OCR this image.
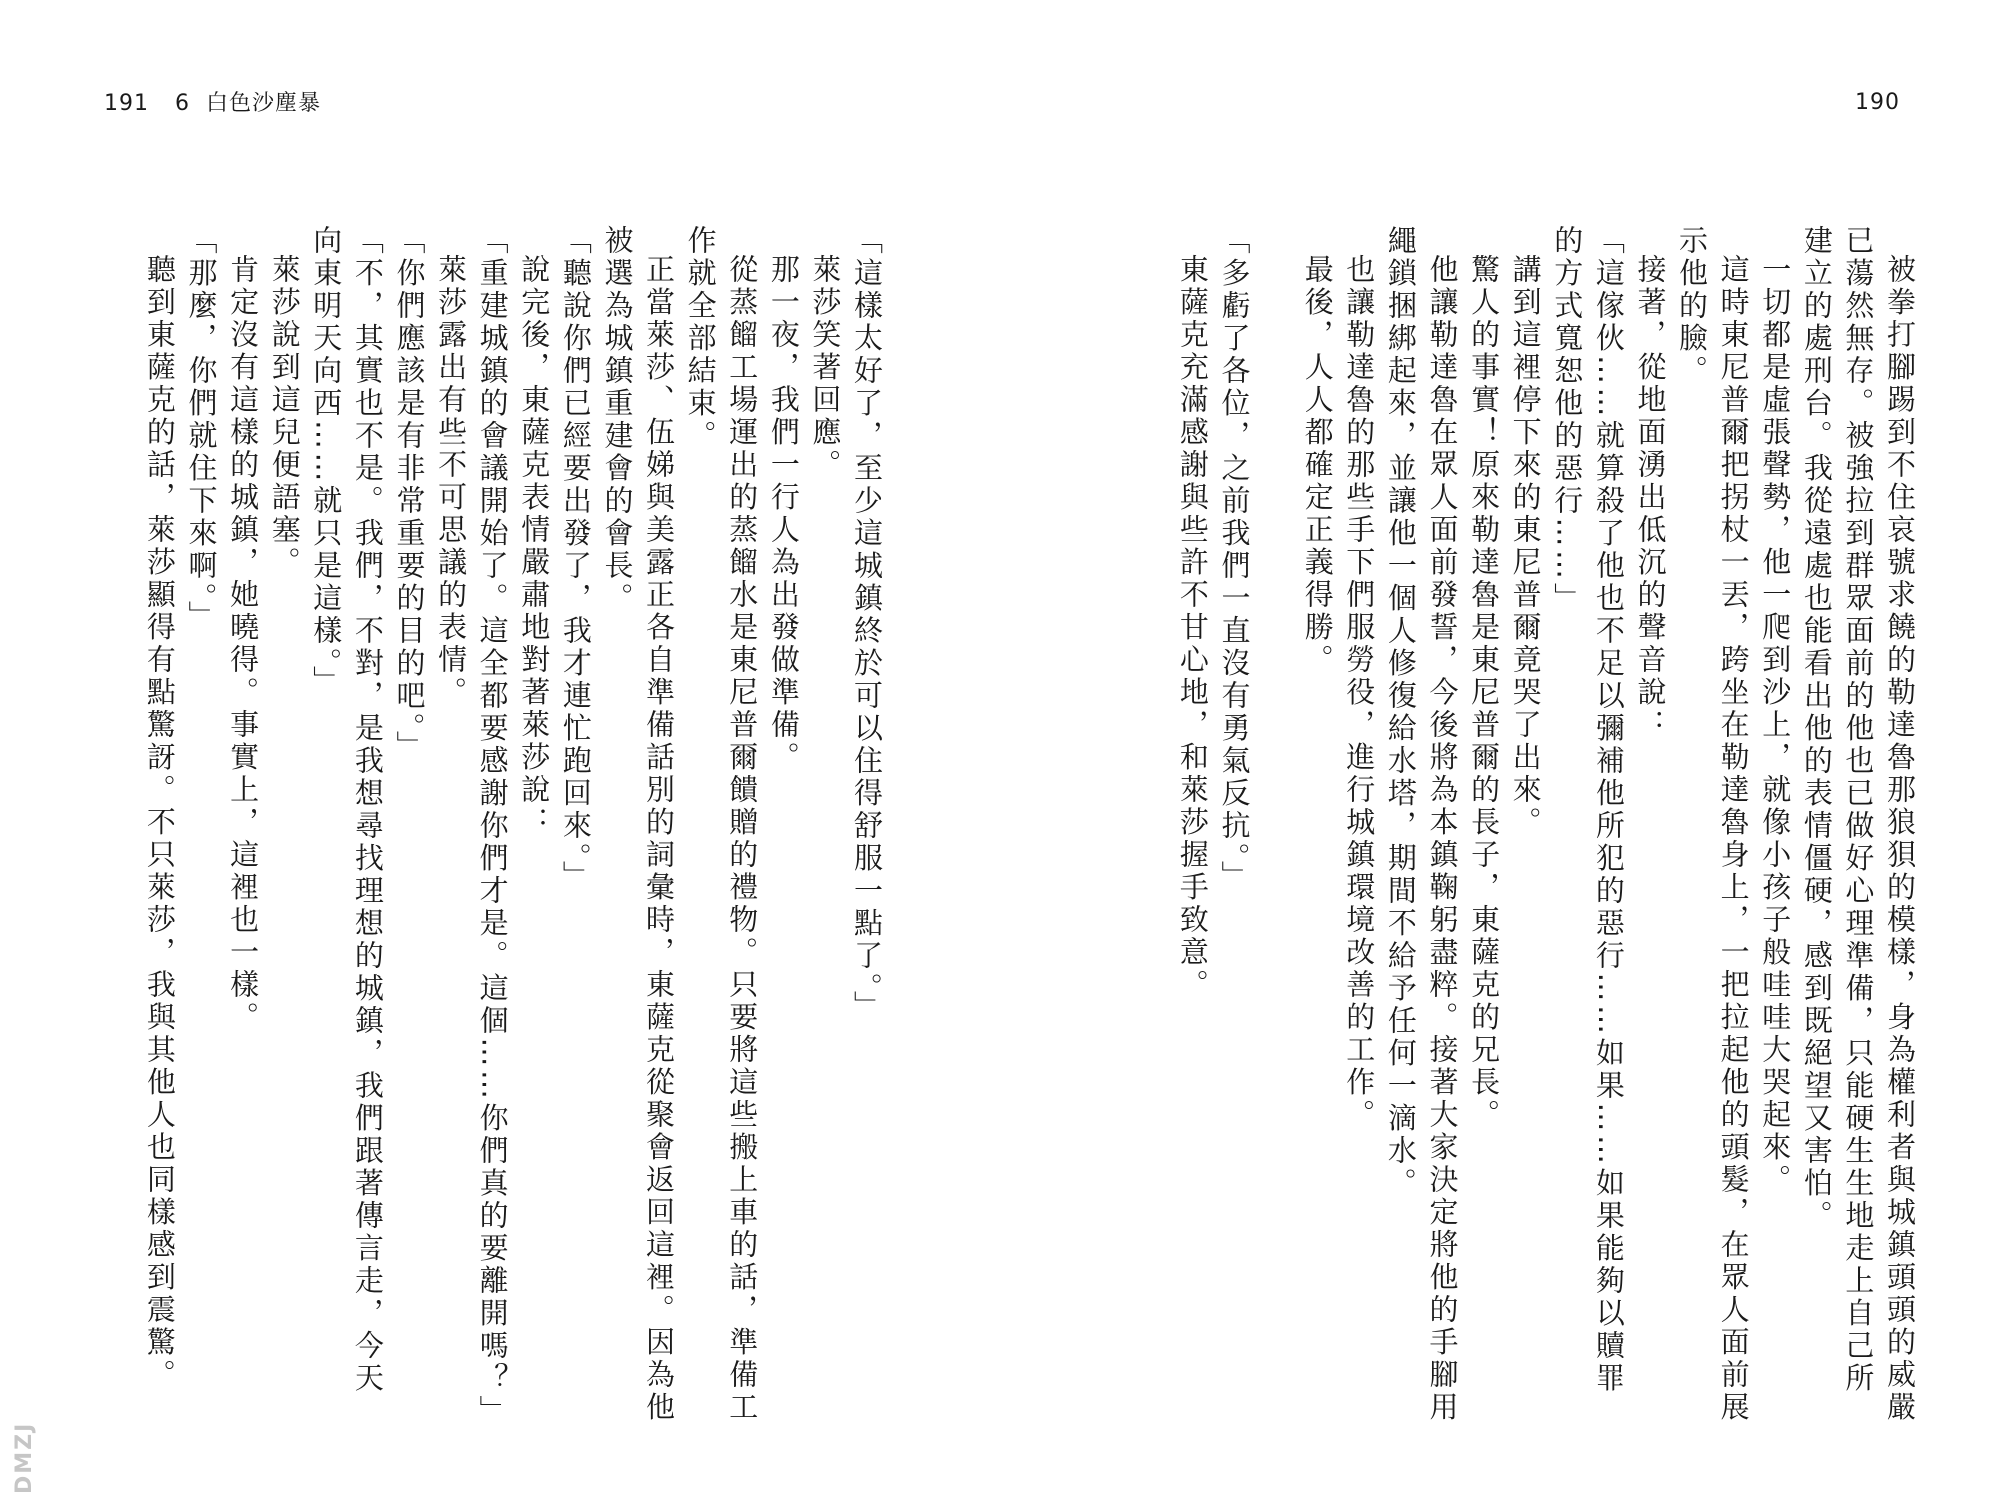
191 6 白色沙塵暴	190

被拳打腳踢到不住哀號求饒的勒達魯那狼狽的模樣，身為權利者與城鎮頭頭的威嚴已蕩然無存。被強拉到群眾面前的他也已做好心理準備，只能硬生生地走上自己所建立的處刑台。我從遠處也能看出他的表情僵硬，感到既絕望又害怕。

一切都是虛張聲勢，他一爬到沙上，就像小孩子般哇哇大哭起來。

這時東尼普爾把拐杖一丟，跨坐在勒達魯身上，一把拉起他的頭髮，在眾人面前展示他的臉。

接著，從地面湧出低沉的聲音說：

「這傢伙……就算殺了他也不足以彌補他所犯的惡行……如果……如果能夠以贖罪的方式寬恕他的惡行……」

講到這裡停下來的東尼普爾竟哭了出來。

驚人的事實！原來勒達魯是東尼普爾的長子，東薩克的兄長。

他讓勒達魯在眾人面前發誓，今後將為本鎮鞠躬盡粹。接著大家決定將他的手腳用繩鎖捆綁起來，並讓他一個人修復給水塔，期間不給予任何一滴水。

也讓勒達魯的那些手下們服勞役，進行城鎮環境改善的工作。

最後，人人都確定正義得勝。

「多虧了各位，之前我們一直沒有勇氣反抗。」

東薩克充滿感謝與些許不甘心地，和萊莎握手致意。

「這樣太好了，至少這城鎮終於可以住得舒服一點了。」

萊莎笑著回應。

那一夜，我們一行人為出發做準備。

從蒸餾工場運出的蒸餾水是東尼普爾饋贈的禮物。只要將這些搬上車的話，準備工作就全部結束。

正當萊莎、伍娣與美露正各自準備話別的詞彙時，東薩克從聚會返回這裡。因為他被選為城鎮重建會的會長。

「聽說你們已經要出發了，我才連忙跑回來。」

說完後，東薩克表情嚴肅地對著萊莎說：

「重建城鎮的會議開始了。這全都要感謝你們才是。這個……你們真的要離開嗎？」

萊莎露出有些不可思議的表情。

「你們應該是有非常重要的目的吧。」

「不，其實也不是。我們，不對，是我想尋找理想的城鎮，我們跟著傳言走，今天向東明天向西……就只是這樣。」

萊莎說到這兒便語塞。

肯定沒有這樣的城鎮，她曉得。事實上，這裡也一樣。

「那麼，你們就住下來啊。」

聽到東薩克的話，萊莎顯得有點驚訝。不只萊莎，我與其他人也同樣感到震驚。

DMZJ
